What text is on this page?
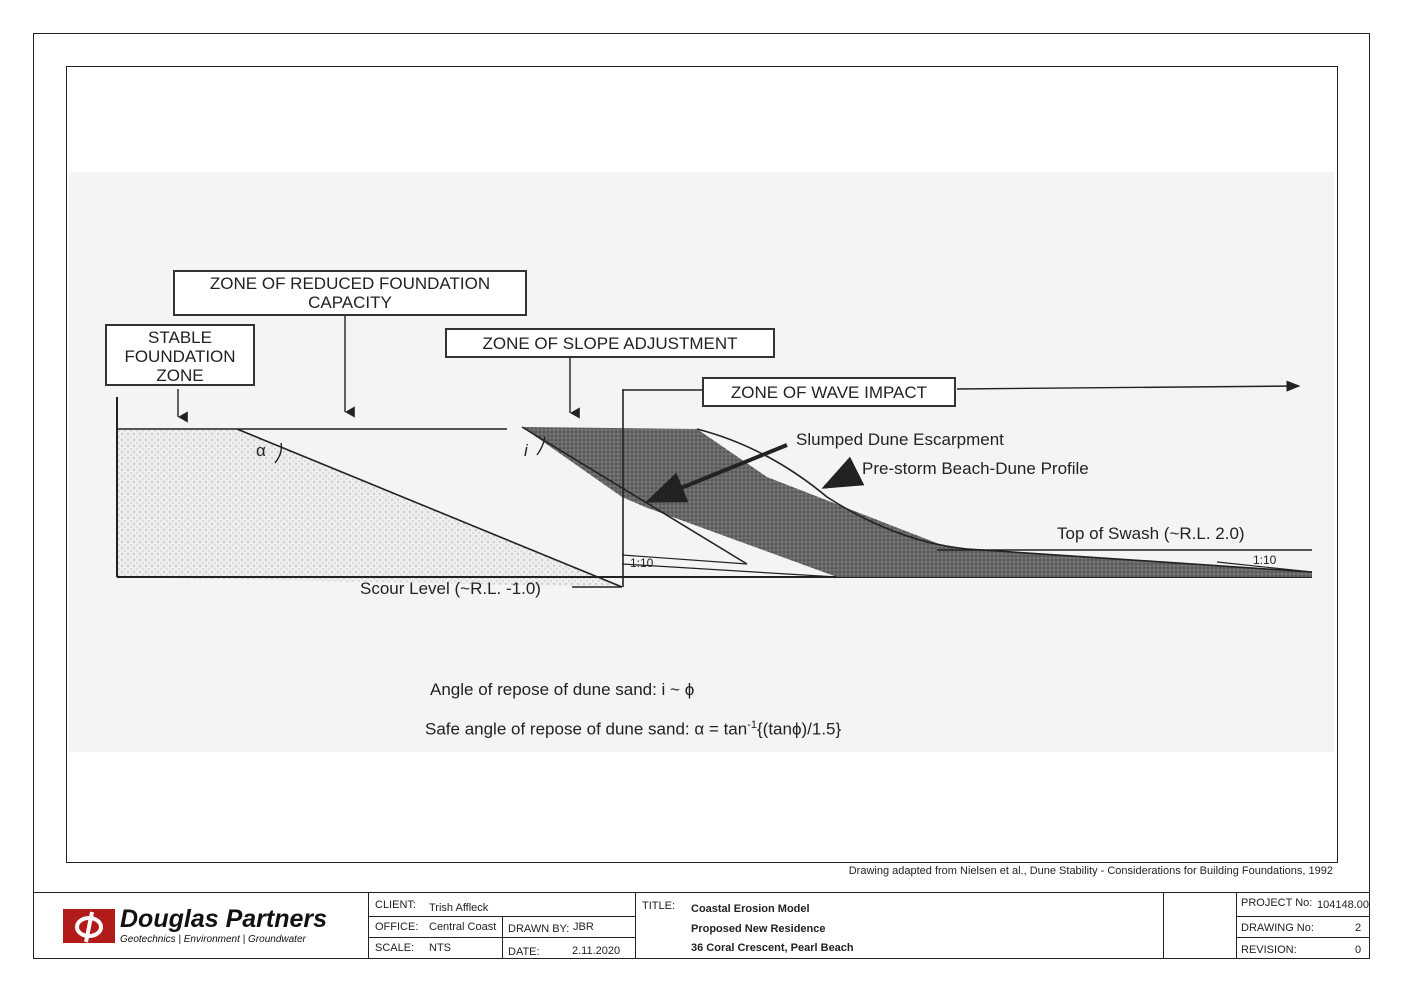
ZONE OF REDUCED FOUNDATION
CAPACITY
STABLE
FOUNDATION
ZONE
ZONE OF SLOPE ADJUSTMENT
ZONE OF WAVE IMPACT
Slumped Dune Escarpment
Pre-storm Beach-Dune Profile
Top of Swash (~R.L. 2.0)
Scour Level (~R.L. -1.0)
1:10	1:10
α	i
Angle of repose of dune sand: i ~ ϕ
Safe angle of repose of dune sand: $\alpha = \tan^{-1}\{(\tan\phi)/1.5\}$
Drawing adapted from Nielsen et al., Dune Stability - Considerations for Building Foundations, 1992
Douglas Partners
Geotechnics | Environment | Groundwater
CLIENT: Trish Affleck
OFFICE: Central Coast DRAWN BY: JBR
SCALE: NTS	DATE:	2.11.2020
TITLE: Coastal Erosion Model
Proposed New Residence
36 Coral Crescent, Pearl Beach
PROJECT No: 104148.00
DRAWING No:	2
REVISION:	0
